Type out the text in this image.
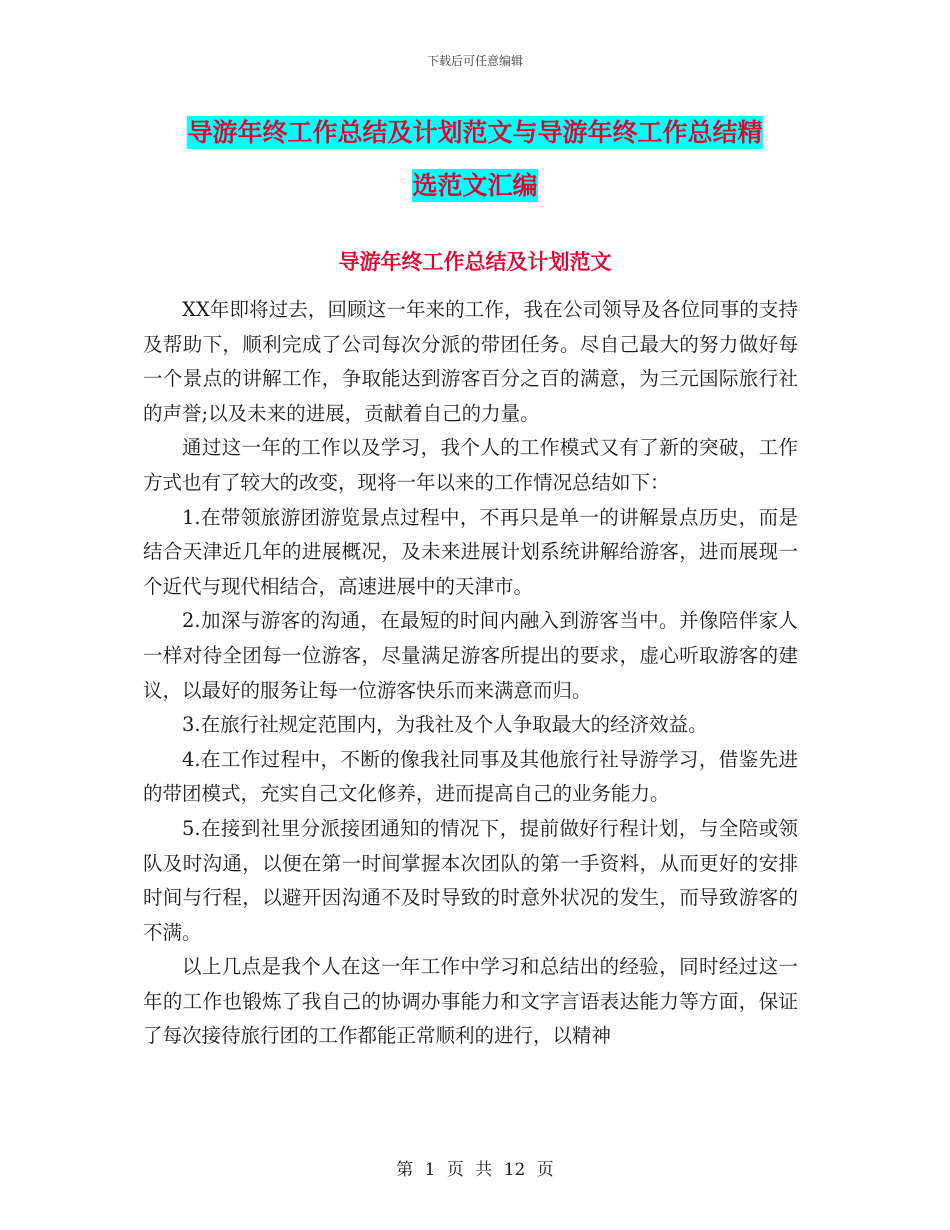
下载后可任意编辑
导游年终工作总结及计划范文与导游年终工作总结精
选范文汇编
导游年终工作总结及计划范文

XX年即将过去，回顾这一年来的工作，我在公司领导及各位同事的支持及帮助下，顺利完成了公司每次分派的带团任务。尽自己最大的努力做好每一个景点的讲解工作，争取能达到游客百分之百的满意，为三元国际旅行社的声誉;以及未来的进展，贡献着自己的力量。

通过这一年的工作以及学习，我个人的工作模式又有了新的突破，工作方式也有了较大的改变，现将一年以来的工作情况总结如下：

1.在带领旅游团游览景点过程中，不再只是单一的讲解景点历史，而是结合天津近几年的进展概况，及未来进展计划系统讲解给游客，进而展现一个近代与现代相结合，高速进展中的天津市。

2.加深与游客的沟通，在最短的时间内融入到游客当中。并像陪伴家人一样对待全团每一位游客，尽量满足游客所提出的要求，虚心听取游客的建议，以最好的服务让每一位游客快乐而来满意而归。

3.在旅行社规定范围内，为我社及个人争取最大的经济效益。

4.在工作过程中，不断的像我社同事及其他旅行社导游学习，借鉴先进的带团模式，充实自己文化修养，进而提高自己的业务能力。

5.在接到社里分派接团通知的情况下，提前做好行程计划，与全陪或领队及时沟通，以便在第一时间掌握本次团队的第一手资料，从而更好的安排时间与行程，以避开因沟通不及时导致的时意外状况的发生，而导致游客的不满。

以上几点是我个人在这一年工作中学习和总结出的经验，同时经过这一年的工作也锻炼了我自己的协调办事能力和文字言语表达能力等方面，保证了每次接待旅行团的工作都能正常顺利的进行，以精神

第 1 页 共 12 页
